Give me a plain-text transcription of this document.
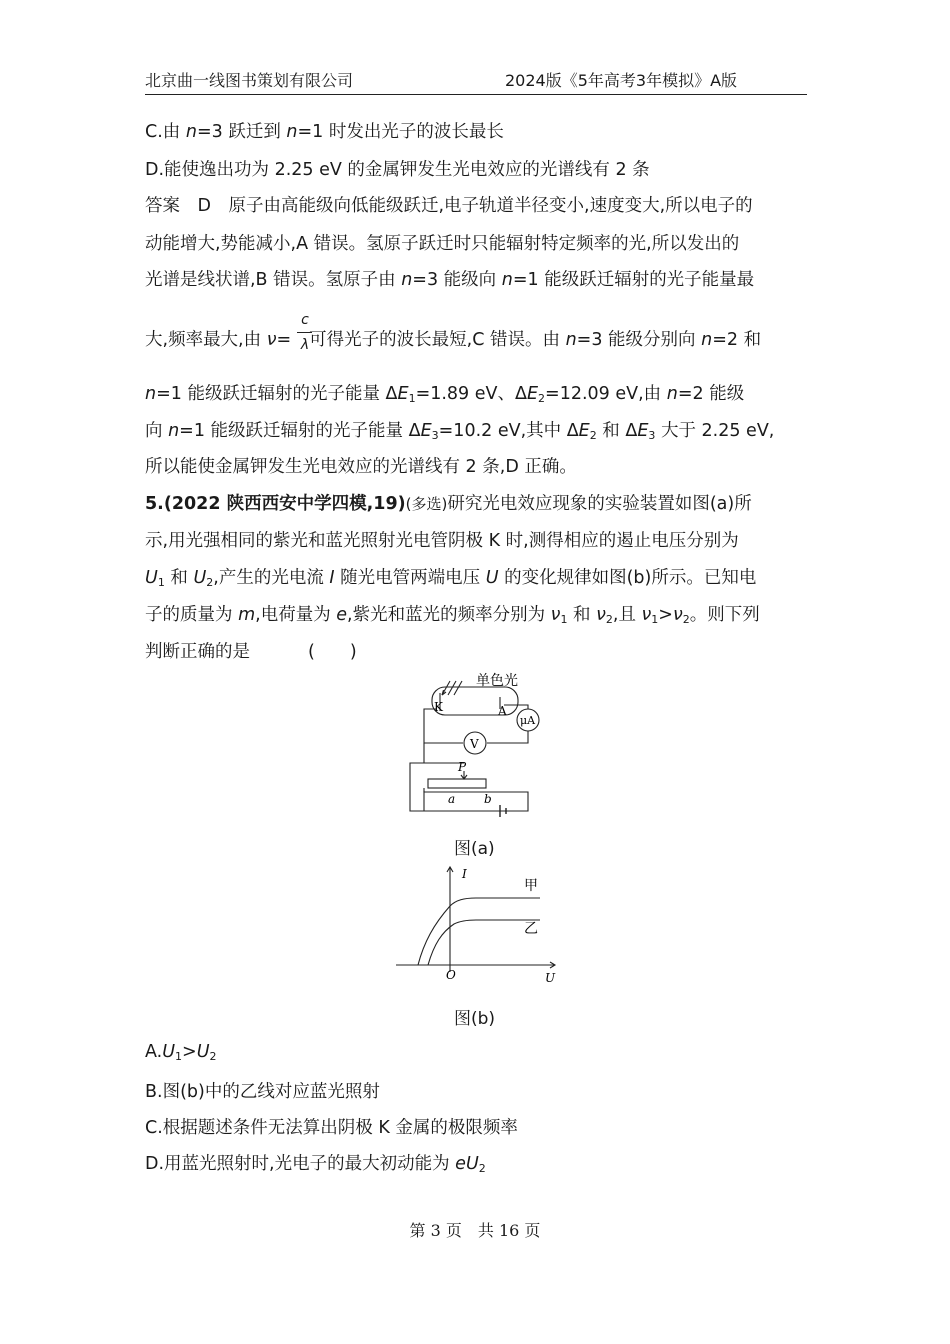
北京曲一线图书策划有限公司	2024版《5年高考3年模拟》A版
C.由 n=3 跃迁到 n=1 时发出光子的波长最长
D.能使逸出功为 2.25 eV 的金属钾发生光电效应的光谱线有 2 条
答案　D　原子由高能级向低能级跃迁,电子轨道半径变小,速度变大,所以电子的
动能增大,势能减小,A 错误。氢原子跃迁时只能辐射特定频率的光,所以发出的
光谱是线状谱,B 错误。氢原子由 n=3 能级向 n=1 能级跃迁辐射的光子能量最
大,频率最大,由 ν= 可得光子的波长最短,C 错误。由 n=3 能级分别向 n=2 和
c
λ
n=1 能级跃迁辐射的光子能量 $\Delta E_1=1.89$ eV、$\Delta E_2=12.09$ eV,由 n=2 能级
向 n=1 能级跃迁辐射的光子能量 $\Delta E_3=10.2$ eV,其中 $\Delta E_2$ 和 $\Delta E_3$ 大于 2.25 eV,
所以能使金属钾发生光电效应的光谱线有 2 条,D 正确。
5.(2022 陕西西安中学四模,19)(多选)研究光电效应现象的实验装置如图(a)所
示,用光强相同的紫光和蓝光照射光电管阴极 K 时,测得相应的遏止电压分别为
$U_1$ 和 $U_2$,产生的光电流 I 随光电管两端电压 U 的变化规律如图(b)所示。已知电
子的质量为 m,电荷量为 e,紫光和蓝光的频率分别为 $\nu_1$ 和 $\nu_2$,且 $\nu_1>\nu_2$。则下列
判断正确的是	(　　)
单色光
K	A
μA
V
P
a b
图(a)
I
U
O
甲
乙
图(b)
$A.U_1>U_2$
B.图(b)中的乙线对应蓝光照射
C.根据题述条件无法算出阴极 K 金属的极限频率
D.用蓝光照射时,光电子的最大初动能为 $eU_2$
第 3 页　共 16 页
